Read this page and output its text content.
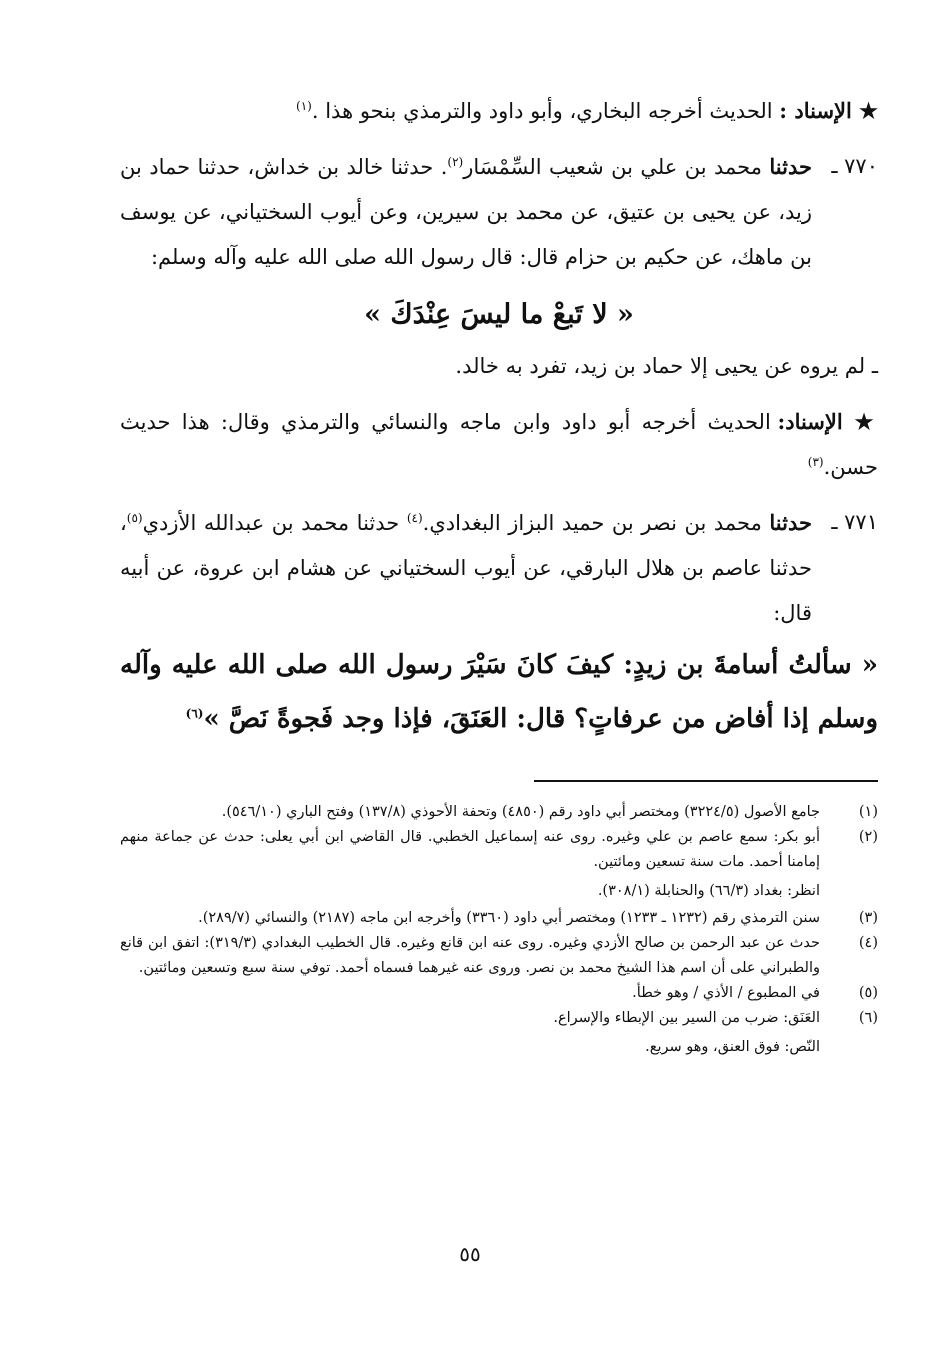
★ الإسناد : الحديث أخرجه البخاري، وأبو داود والترمذي بنحو هذا .$^{(١)}$

٧٧٠ ـ

حدثنا محمد بن علي بن شعيب السِّمْسَار$^{(٢)}$. حدثنا خالد بن خداش، حدثنا حماد بن زيد، عن يحيى بن عتيق، عن محمد بن سيرين، وعن أيوب السختياني، عن يوسف بن ماهك، عن حكيم بن حزام قال: قال رسول الله صلى الله عليه وآله وسلم:

« لا تَبعْ ما ليسَ عِنْدَكَ »

ـ لم يروه عن يحيى إلا حماد بن زيد، تفرد به خالد.

★ الإسناد: الحديث أخرجه أبو داود وابن ماجه والنسائي والترمذي وقال: هذا حديث حسن.$^{(٣)}$

٧٧١ ـ

حدثنا محمد بن نصر بن حميد البزاز البغدادي.$^{(٤)}$ حدثنا محمد بن عبدالله الأزدي$^{(٥)}$، حدثنا عاصم بن هلال البارقي، عن أيوب السختياني عن هشام ابن عروة، عن أبيه قال:

« سألتُ أسامةَ بن زيدٍ: كيفَ كانَ سَيْرَ رسول الله صلى الله عليه وآله وسلم إذا أفاض من عرفاتٍ؟ قال: العَنَقَ، فإذا وجد فَجوةً نَصَّ »$^{(٦)}$

(١)
جامع الأصول (٣٢٢٤/٥) ومختصر أبي داود رقم (٤٨٥٠) وتحفة الأحوذي (١٣٧/٨) وفتح الباري (٥٤٦/١٠).
(٢)
أبو بكر: سمع عاصم بن علي وغيره. روى عنه إسماعيل الخطبي. قال القاضي ابن أبي يعلى: حدث عن جماعة منهم إمامنا أحمد. مات سنة تسعين ومائتين.
انظر: بغداد (٦٦/٣) والحنابلة (٣٠٨/١).
(٣)
سنن الترمذي رقم (١٢٣٢ ـ ١٢٣٣) ومختصر أبي داود (٣٣٦٠) وأخرجه ابن ماجه (٢١٨٧) والنسائي (٢٨٩/٧).
(٤)
حدث عن عبد الرحمن بن صالح الأزدي وغيره. روى عنه ابن قانع وغيره. قال الخطيب البغدادي (٣١٩/٣): اتفق ابن قانع والطبراني على أن اسم هذا الشيخ محمد بن نصر. وروى عنه غيرهما فسماه أحمد. توفي سنة سبع وتسعين ومائتين.
(٥)
في المطبوع / الأذي / وهو خطأ.
(٦)
العَنَق: ضرب من السير بين الإبطاء والإسراع.
النّص: فوق العنق، وهو سريع.
٥٥
